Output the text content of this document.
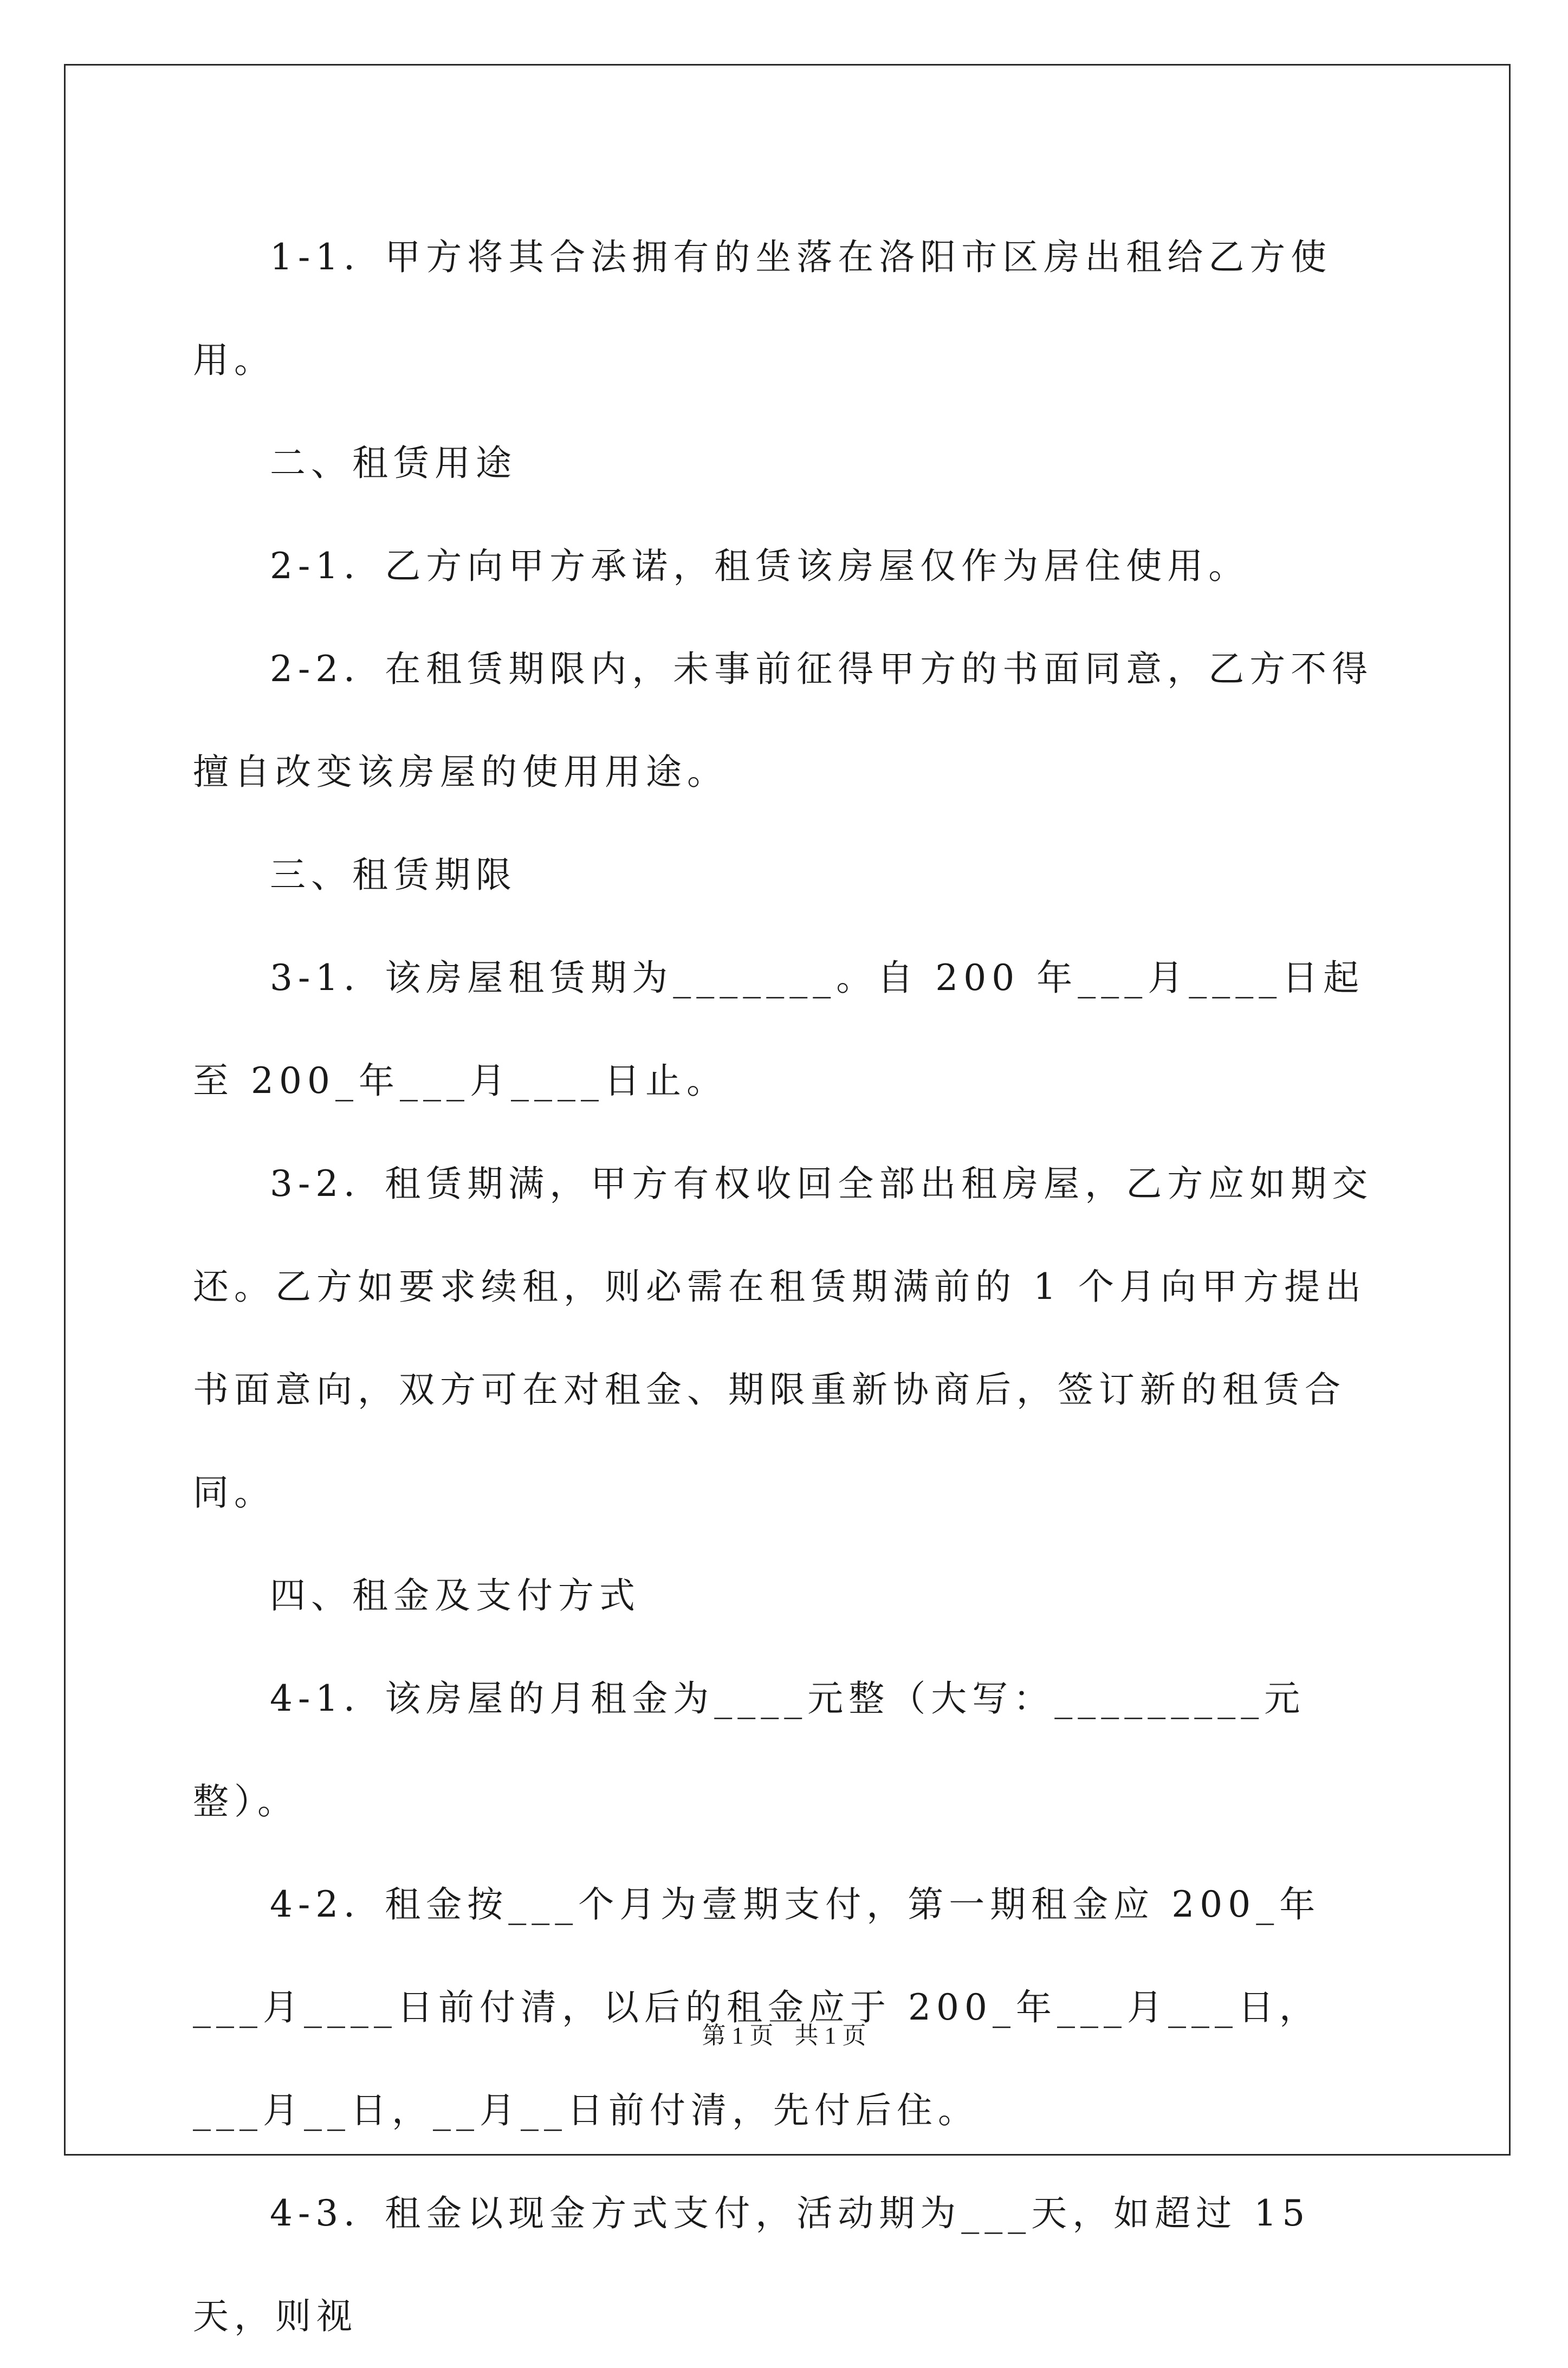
1-1．甲方将其合法拥有的坐落在洛阳市区房出租给乙方使用。

二、租赁用途

2-1．乙方向甲方承诺，租赁该房屋仅作为居住使用。

2-2．在租赁期限内，未事前征得甲方的书面同意，乙方不得擅自改变该房屋的使用用途。

三、租赁期限

3-1．该房屋租赁期为_______。自 200 年___月____日起至 200_年___月____日止。

3-2．租赁期满，甲方有权收回全部出租房屋，乙方应如期交还。乙方如要求续租，则必需在租赁期满前的 1 个月向甲方提出书面意向，双方可在对租金、期限重新协商后，签订新的租赁合同。

四、租金及支付方式

4-1．该房屋的月租金为____元整（大写：_________元整）。

4-2．租金按___个月为壹期支付，第一期租金应 200_年___月____日前付清，以后的租金应于 200_年___月___日，___月__日，__月__日前付清，先付后住。

4-3．租金以现金方式支付，活动期为___天，如超过 15 天，则视

第 1 页 共 1 页
